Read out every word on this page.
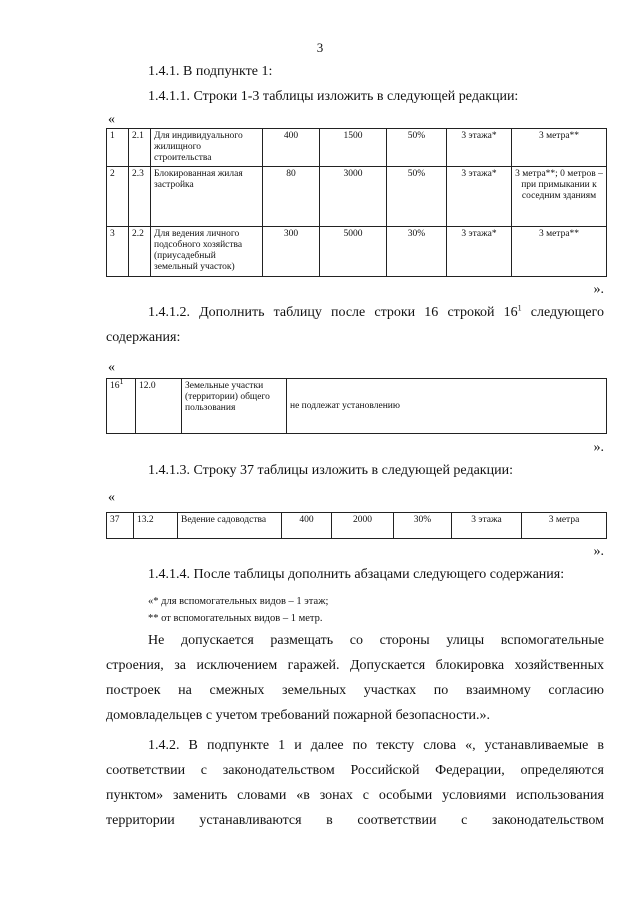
3
1.4.1. В подпункте 1:
1.4.1.1. Строки 1-3 таблицы изложить в следующей редакции:
«
1	2.1	Для индивидуального жилищного строительства	400	1500	50%	3 этажа*	3 метра**
2	2.3	Блокированная жилая застройка	80	3000	50%	3 этажа*	3 метра**; 0 метров – при примыкании к соседним зданиям
3	2.2	Для ведения личного подсобного хозяйства (приусадебный земельный участок)	300	5000	30%	3 этажа*	3 метра**
».
1.4.1.2. Дополнить таблицу после строки 16 строкой $16^1$ следующего
содержания:
«
$16^1$	12.0	Земельные участки (территории) общего пользования	не подлежат установлению
».
1.4.1.3. Строку 37 таблицы изложить в следующей редакции:
«
37	13.2	Ведение садоводства	400	2000	30%	3 этажа	3 метра
».
1.4.1.4. После таблицы дополнить абзацами следующего содержания:
«* для вспомогательных видов – 1 этаж;
** от вспомогательных видов – 1 метр.
Не допускается размещать со стороны улицы вспомогательные
строения, за исключением гаражей. Допускается блокировка хозяйственных
построек на смежных земельных участках по взаимному согласию
домовладельцев с учетом требований пожарной безопасности.».
1.4.2. В подпункте 1 и далее по тексту слова «, устанавливаемые в
соответствии с законодательством Российской Федерации, определяются
пунктом» заменить словами «в зонах с особыми условиями использования
территории устанавливаются в соответствии с законодательством
